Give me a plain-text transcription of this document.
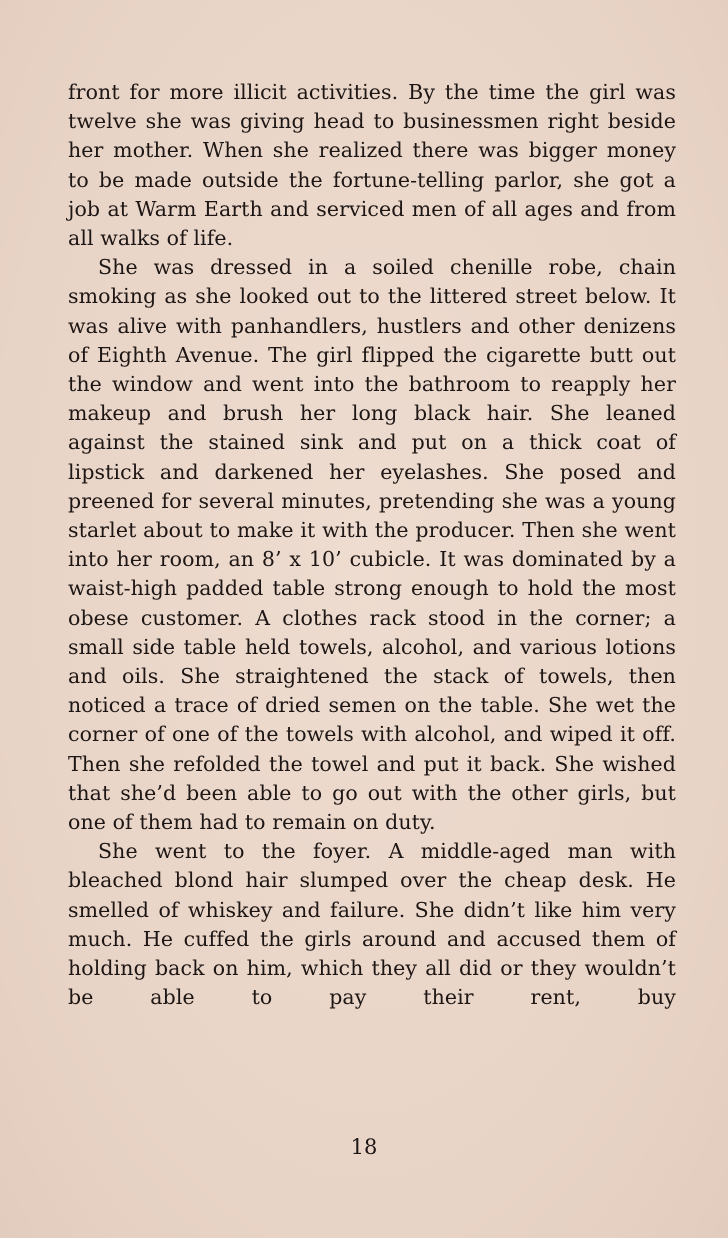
front for more illicit activities. By the time the girl was twelve she was giving head to businessmen right beside her mother. When she realized there was bigger money to be made outside the fortune-telling parlor, she got a job at Warm Earth and serviced men of all ages and from all walks of life.

She was dressed in a soiled chenille robe, chain smoking as she looked out to the littered street below. It was alive with panhandlers, hustlers and other denizens of Eighth Avenue. The girl flipped the cigarette butt out the window and went into the bathroom to reapply her makeup and brush her long black hair. She leaned against the stained sink and put on a thick coat of lipstick and darkened her eyelashes. She posed and preened for several minutes, pretending she was a young starlet about to make it with the producer. Then she went into her room, an 8’ x 10’ cubicle. It was dominated by a waist-high padded table strong enough to hold the most obese customer. A clothes rack stood in the corner; a small side table held towels, alcohol, and various lotions and oils. She straightened the stack of towels, then noticed a trace of dried semen on the table. She wet the corner of one of the towels with alcohol, and wiped it off. Then she refolded the towel and put it back. She wished that she’d been able to go out with the other girls, but one of them had to remain on duty.

She went to the foyer. A middle-aged man with bleached blond hair slumped over the cheap desk. He smelled of whiskey and failure. She didn’t like him very much. He cuffed the girls around and accused them of holding back on him, which they all did or they wouldn’t be able to pay their rent, buy

18
